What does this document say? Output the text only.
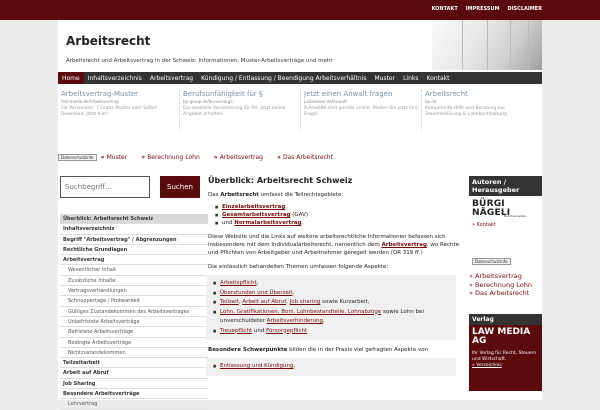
KONTAKT IMPRESSUM DISCLAIMER
Arbeitsrecht
Arbeitsrecht und Arbeitsvertrag in der Schweiz: Informationen, Muster-Arbeitsverträge und mehr
Home	Inhaltsverzeichnis	Arbeitsvertrag	Kündigung / Entlassung / Beendigung Arbeitsverhältnis	Muster	Links	Kontakt
Arbeitsvertrag-Muster
fesr-media.de/Arbeitsvertrag
Für Personaler: 7 Gratis Muster zum Sofort-Download. Jetzt hier!
Berufsunfähigkeit für §
bp-group.de/bu-vorsorge
Die spezielle Versicherung für RA. Jetzt online Angebot erhalten.
Jetzt einen Anwalt fragen
justanswer.de/Anwalt
8 Anwälte sind gerade online. Stellen Sie jetzt Ihre Frage!
Arbeitsrecht
bp.de
Kompetente Hilfe und Beratung bei Steuererklärung & Lohnbuchhaltung
Datenschutzinfo	» Muster » Berechnung Lohn » Arbeitsvertrag » Das Arbeitsrecht
Suchbegriff…
Suchen
Überblick: Arbeitsrecht Schweiz
Inhaltsverzeichnis
Begriff "Arbeitsvertrag" / Abgrenzungen
Rechtliche Grundlagen
Arbeitsvertrag
Wesentlicher Inhalt
Zusätzliche Inhalte
Vertragsverhandlungen
Schnuppertage / Probearbeit
Gültiges Zustandekommen des Arbeitsvertrages
Unbefristete Arbeitsverträge
Befristete Arbeitsverträge
Bedingte Arbeitsverträge
Nichtzustandekommen
Teilzeitarbeit
Arbeit auf Abruf
Job Sharing
Besondere Arbeitsverträge
Lehrvertrag
Überblick: Arbeitsrecht Schweiz

Das Arbeitsrecht umfasst die Teilrechtsgebiete:

■ Einzelarbeitsvertrag,
■ Gesamtarbeitsvertrag (GAV)
■ und Normalarbeitsvertrag.

Diese Website und die Links auf weitere arbeitsrechtliche Informationen befassen sich insbesondere mit dem Individualarbeitsrecht, namentlich dem Arbeitsvertrag, wo Rechte und Pflichten von Arbeitgeber und Arbeitnehmer geregelt werden (OR 319 ff.)

Die einlässlich behandelten Themen umfassen folgende Aspekte:

■ Arbeitspflicht,
■ Überstunden und Überzeit,
■ Teilzeit, Arbeit auf Abruf, Job sharing sowie Kurzarbeit,
■ Lohn, Gratifikationen, Boni, Lohnbestandteile, Lohnabzüge sowie Lohn bei unverschuldeter Arbeitsverhinderung,
■ Treuepflicht und Fürsorgepflicht

Besondere Schwerpunkte bilden die in der Praxis viel gefragten Aspekte von

■ Entlassung und Kündigung,
Autoren / Herausgeber
BÜRGI NÄGELI
Rechtsanwälte
» Kontakt
Datenschutzinfo
» Arbeitsvertrag
» Berechnung Lohn
» Das Arbeitsrecht
Verlag
LAW MEDIA AG
Ihr Verlag für Recht, Steuern und Wirtschaft.
» Verzeichnis
